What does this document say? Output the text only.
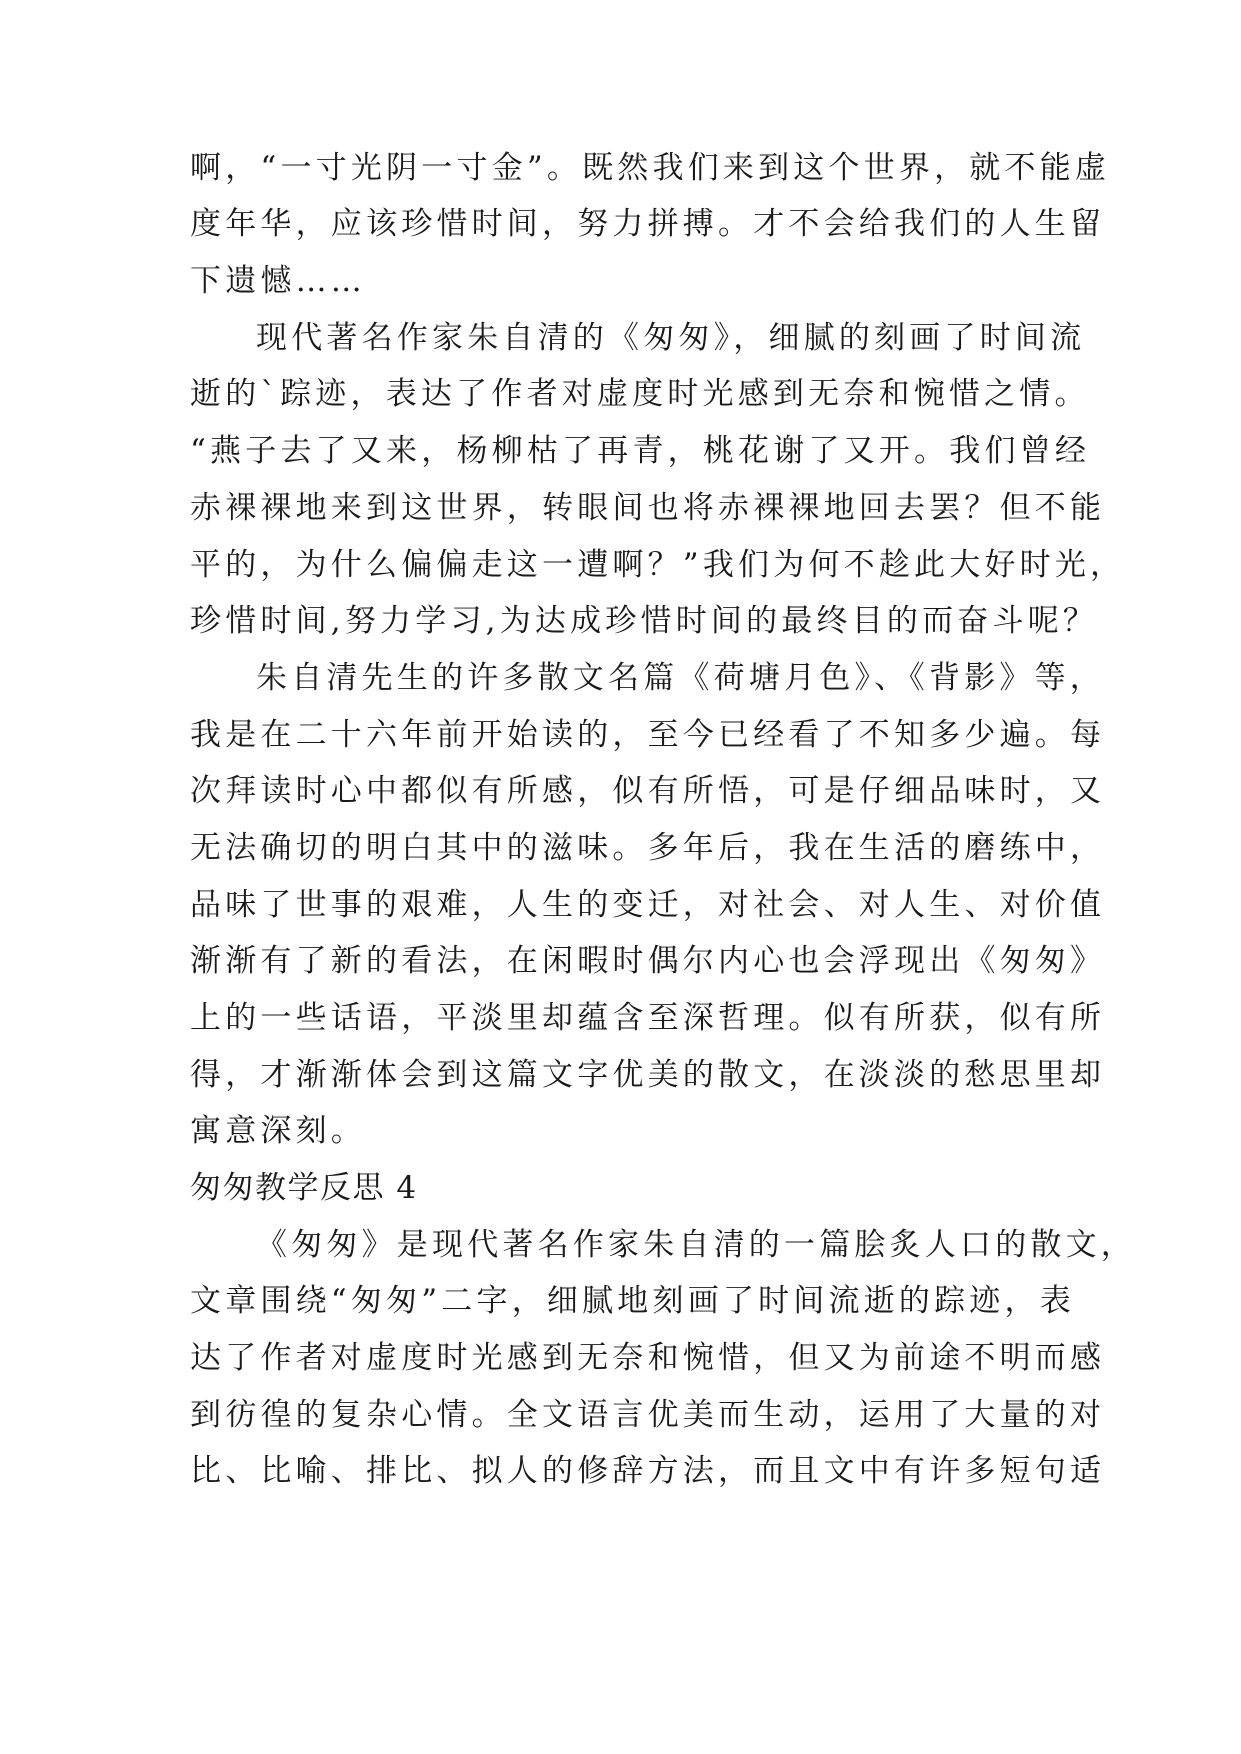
啊，“一寸光阴一寸金”。既然我们来到这个世界，就不能虚
度年华，应该珍惜时间，努力拼搏。才不会给我们的人生留
下遗憾……
现代著名作家朱自清的《匆匆》，细腻的刻画了时间流
逝的`踪迹，表达了作者对虚度时光感到无奈和惋惜之情。
“燕子去了又来，杨柳枯了再青，桃花谢了又开。我们曾经
赤裸裸地来到这世界，转眼间也将赤裸裸地回去罢？但不能
平的，为什么偏偏走这一遭啊？”我们为何不趁此大好时光，
珍惜时间,努力学习,为达成珍惜时间的最终目的而奋斗呢？
朱自清先生的许多散文名篇《荷塘月色》、《背影》等，
我是在二十六年前开始读的，至今已经看了不知多少遍。每
次拜读时心中都似有所感，似有所悟，可是仔细品味时，又
无法确切的明白其中的滋味。多年后，我在生活的磨练中，
品味了世事的艰难，人生的变迁，对社会、对人生、对价值
渐渐有了新的看法，在闲暇时偶尔内心也会浮现出《匆匆》
上的一些话语，平淡里却蕴含至深哲理。似有所获，似有所
得，才渐渐体会到这篇文字优美的散文，在淡淡的愁思里却
寓意深刻。
匆匆教学反思 4
《匆匆》是现代著名作家朱自清的一篇脍炙人口的散文，
文章围绕“匆匆”二字，细腻地刻画了时间流逝的踪迹，表
达了作者对虚度时光感到无奈和惋惜，但又为前途不明而感
到彷徨的复杂心情。全文语言优美而生动，运用了大量的对
比、比喻、排比、拟人的修辞方法，而且文中有许多短句适
